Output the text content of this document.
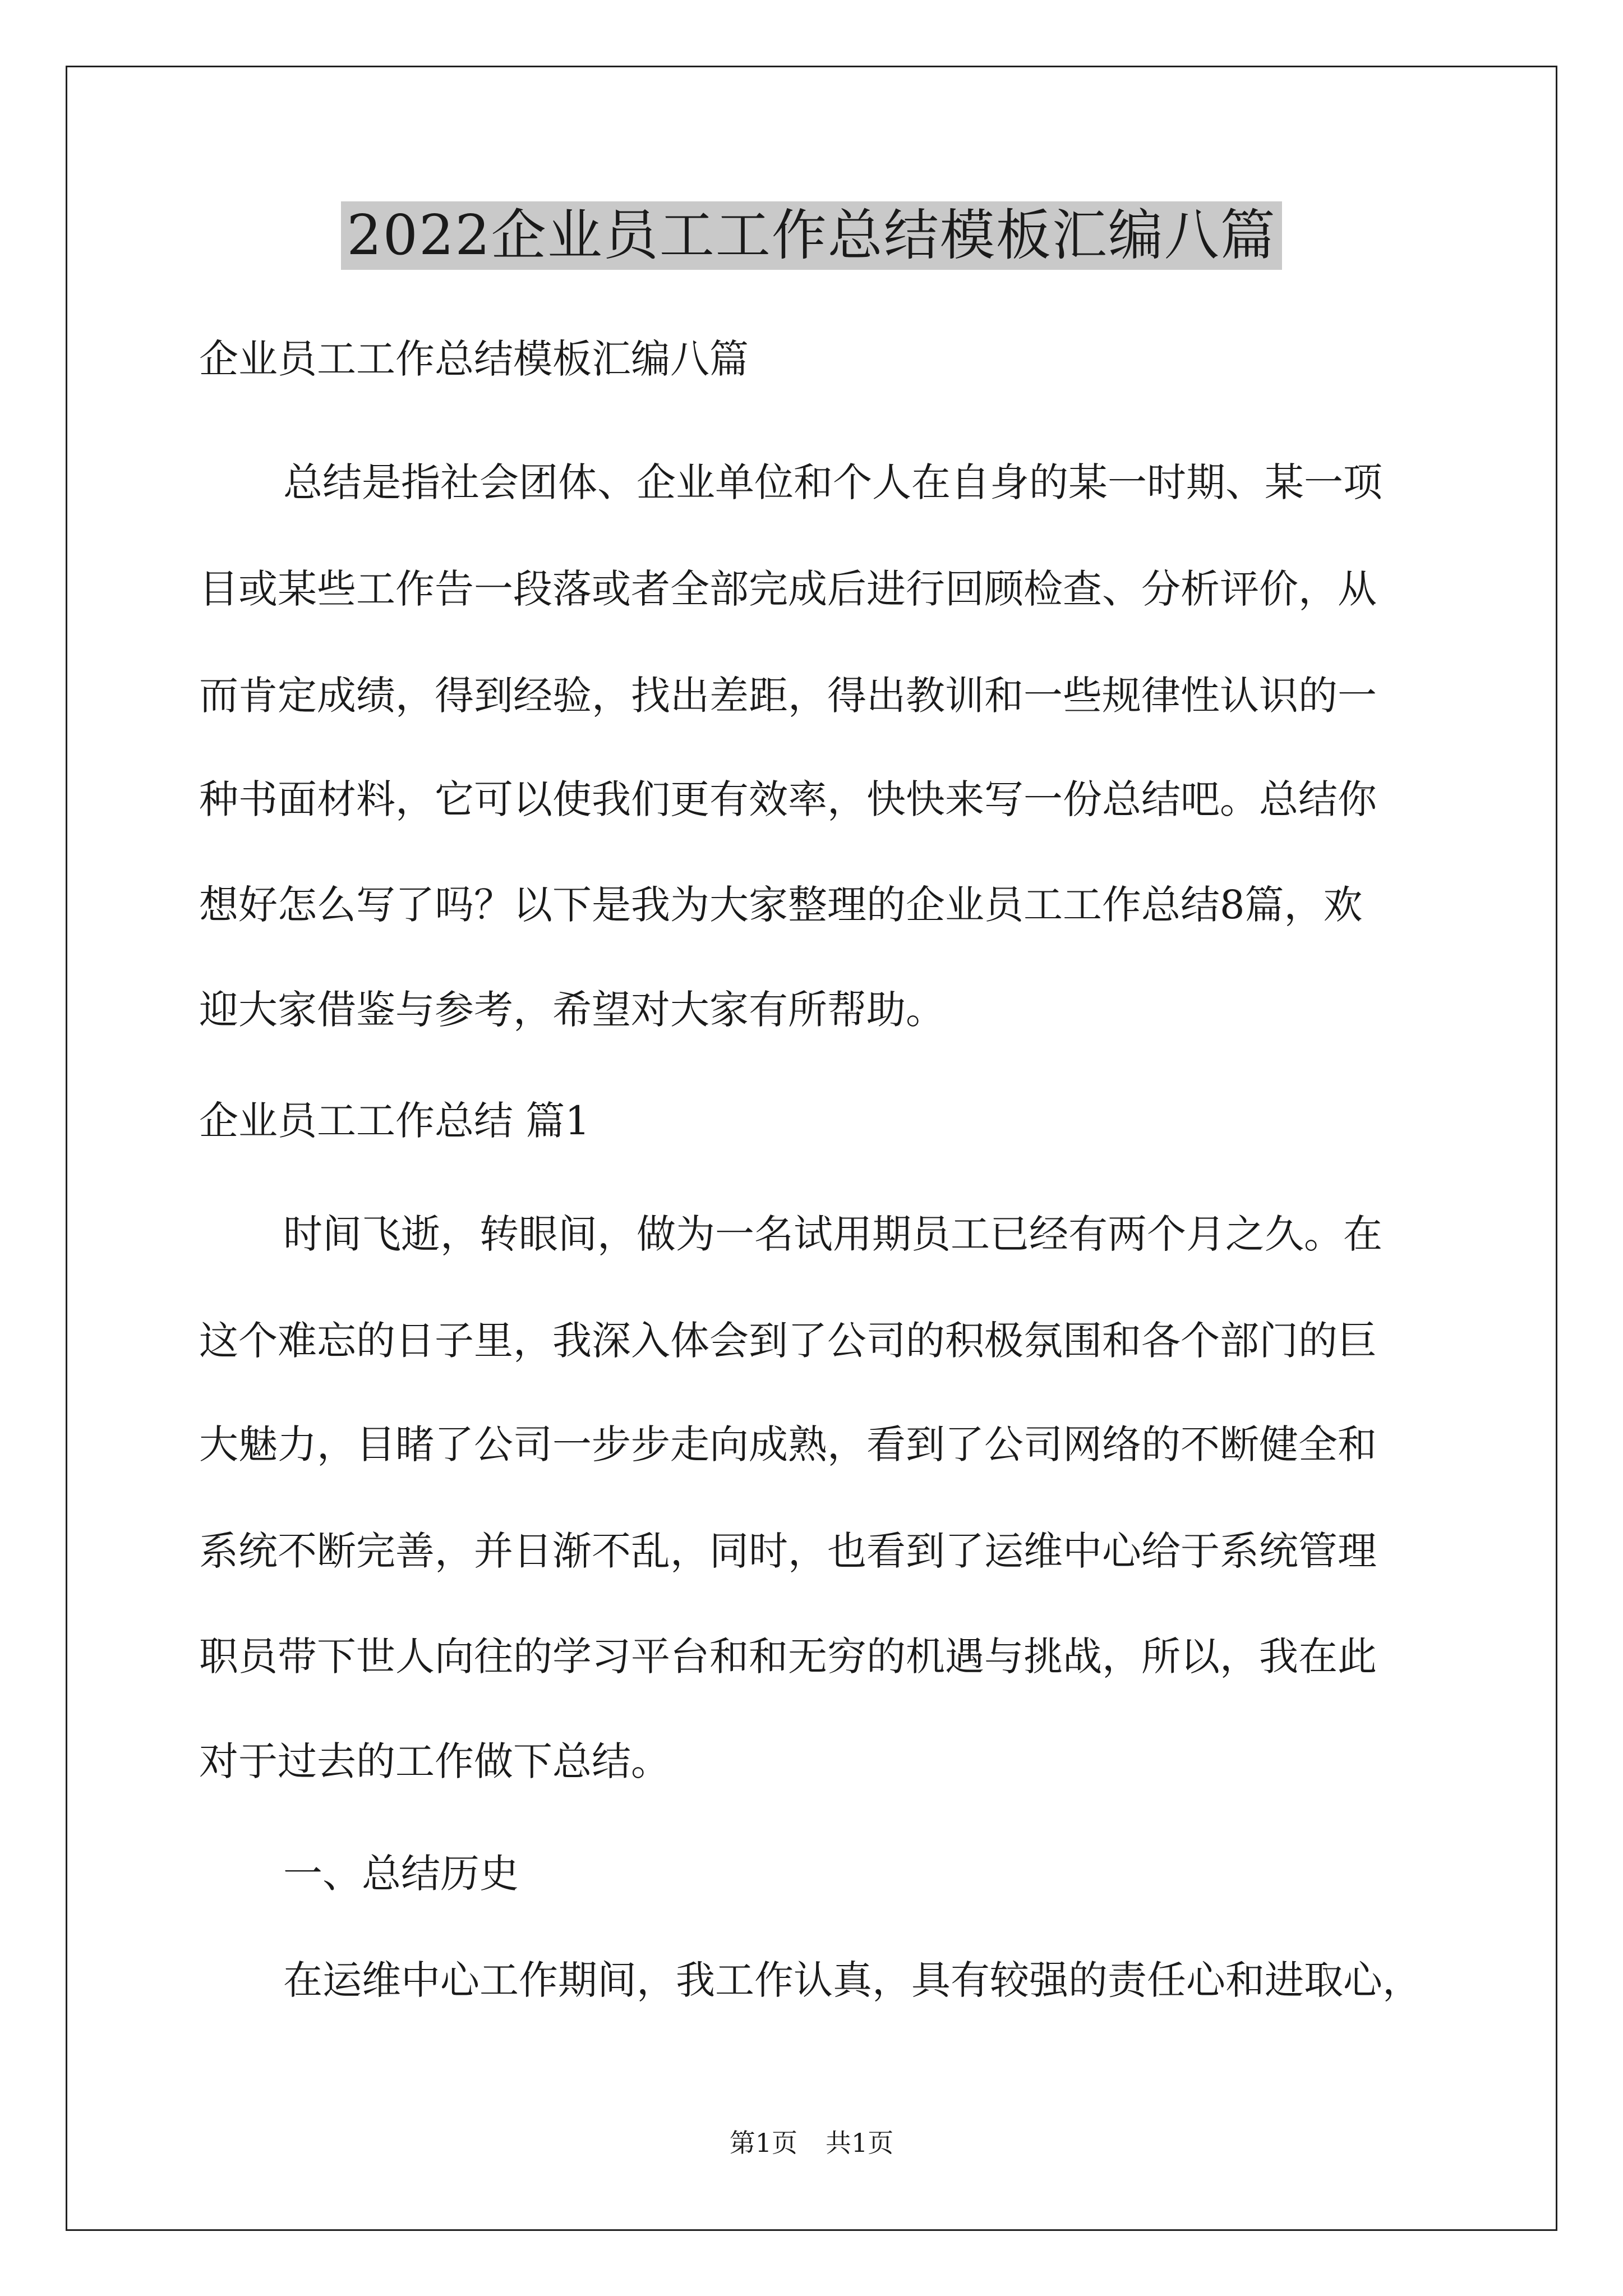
2022企业员工工作总结模板汇编八篇
企业员工工作总结模板汇编八篇
总结是指社会团体、企业单位和个人在自身的某一时期、某一项
目或某些工作告一段落或者全部完成后进行回顾检查、分析评价，从
而肯定成绩，得到经验，找出差距，得出教训和一些规律性认识的一
种书面材料，它可以使我们更有效率，快快来写一份总结吧。总结你
想好怎么写了吗？以下是我为大家整理的企业员工工作总结8篇，欢
迎大家借鉴与参考，希望对大家有所帮助。
企业员工工作总结 篇1
时间飞逝，转眼间，做为一名试用期员工已经有两个月之久。在
这个难忘的日子里，我深入体会到了公司的积极氛围和各个部门的巨
大魅力，目睹了公司一步步走向成熟，看到了公司网络的不断健全和
系统不断完善，并日渐不乱，同时，也看到了运维中心给于系统管理
职员带下世人向往的学习平台和和无穷的机遇与挑战，所以，我在此
对于过去的工作做下总结。
一、总结历史
在运维中心工作期间，我工作认真，具有较强的责任心和进取心，
第1页 共1页
